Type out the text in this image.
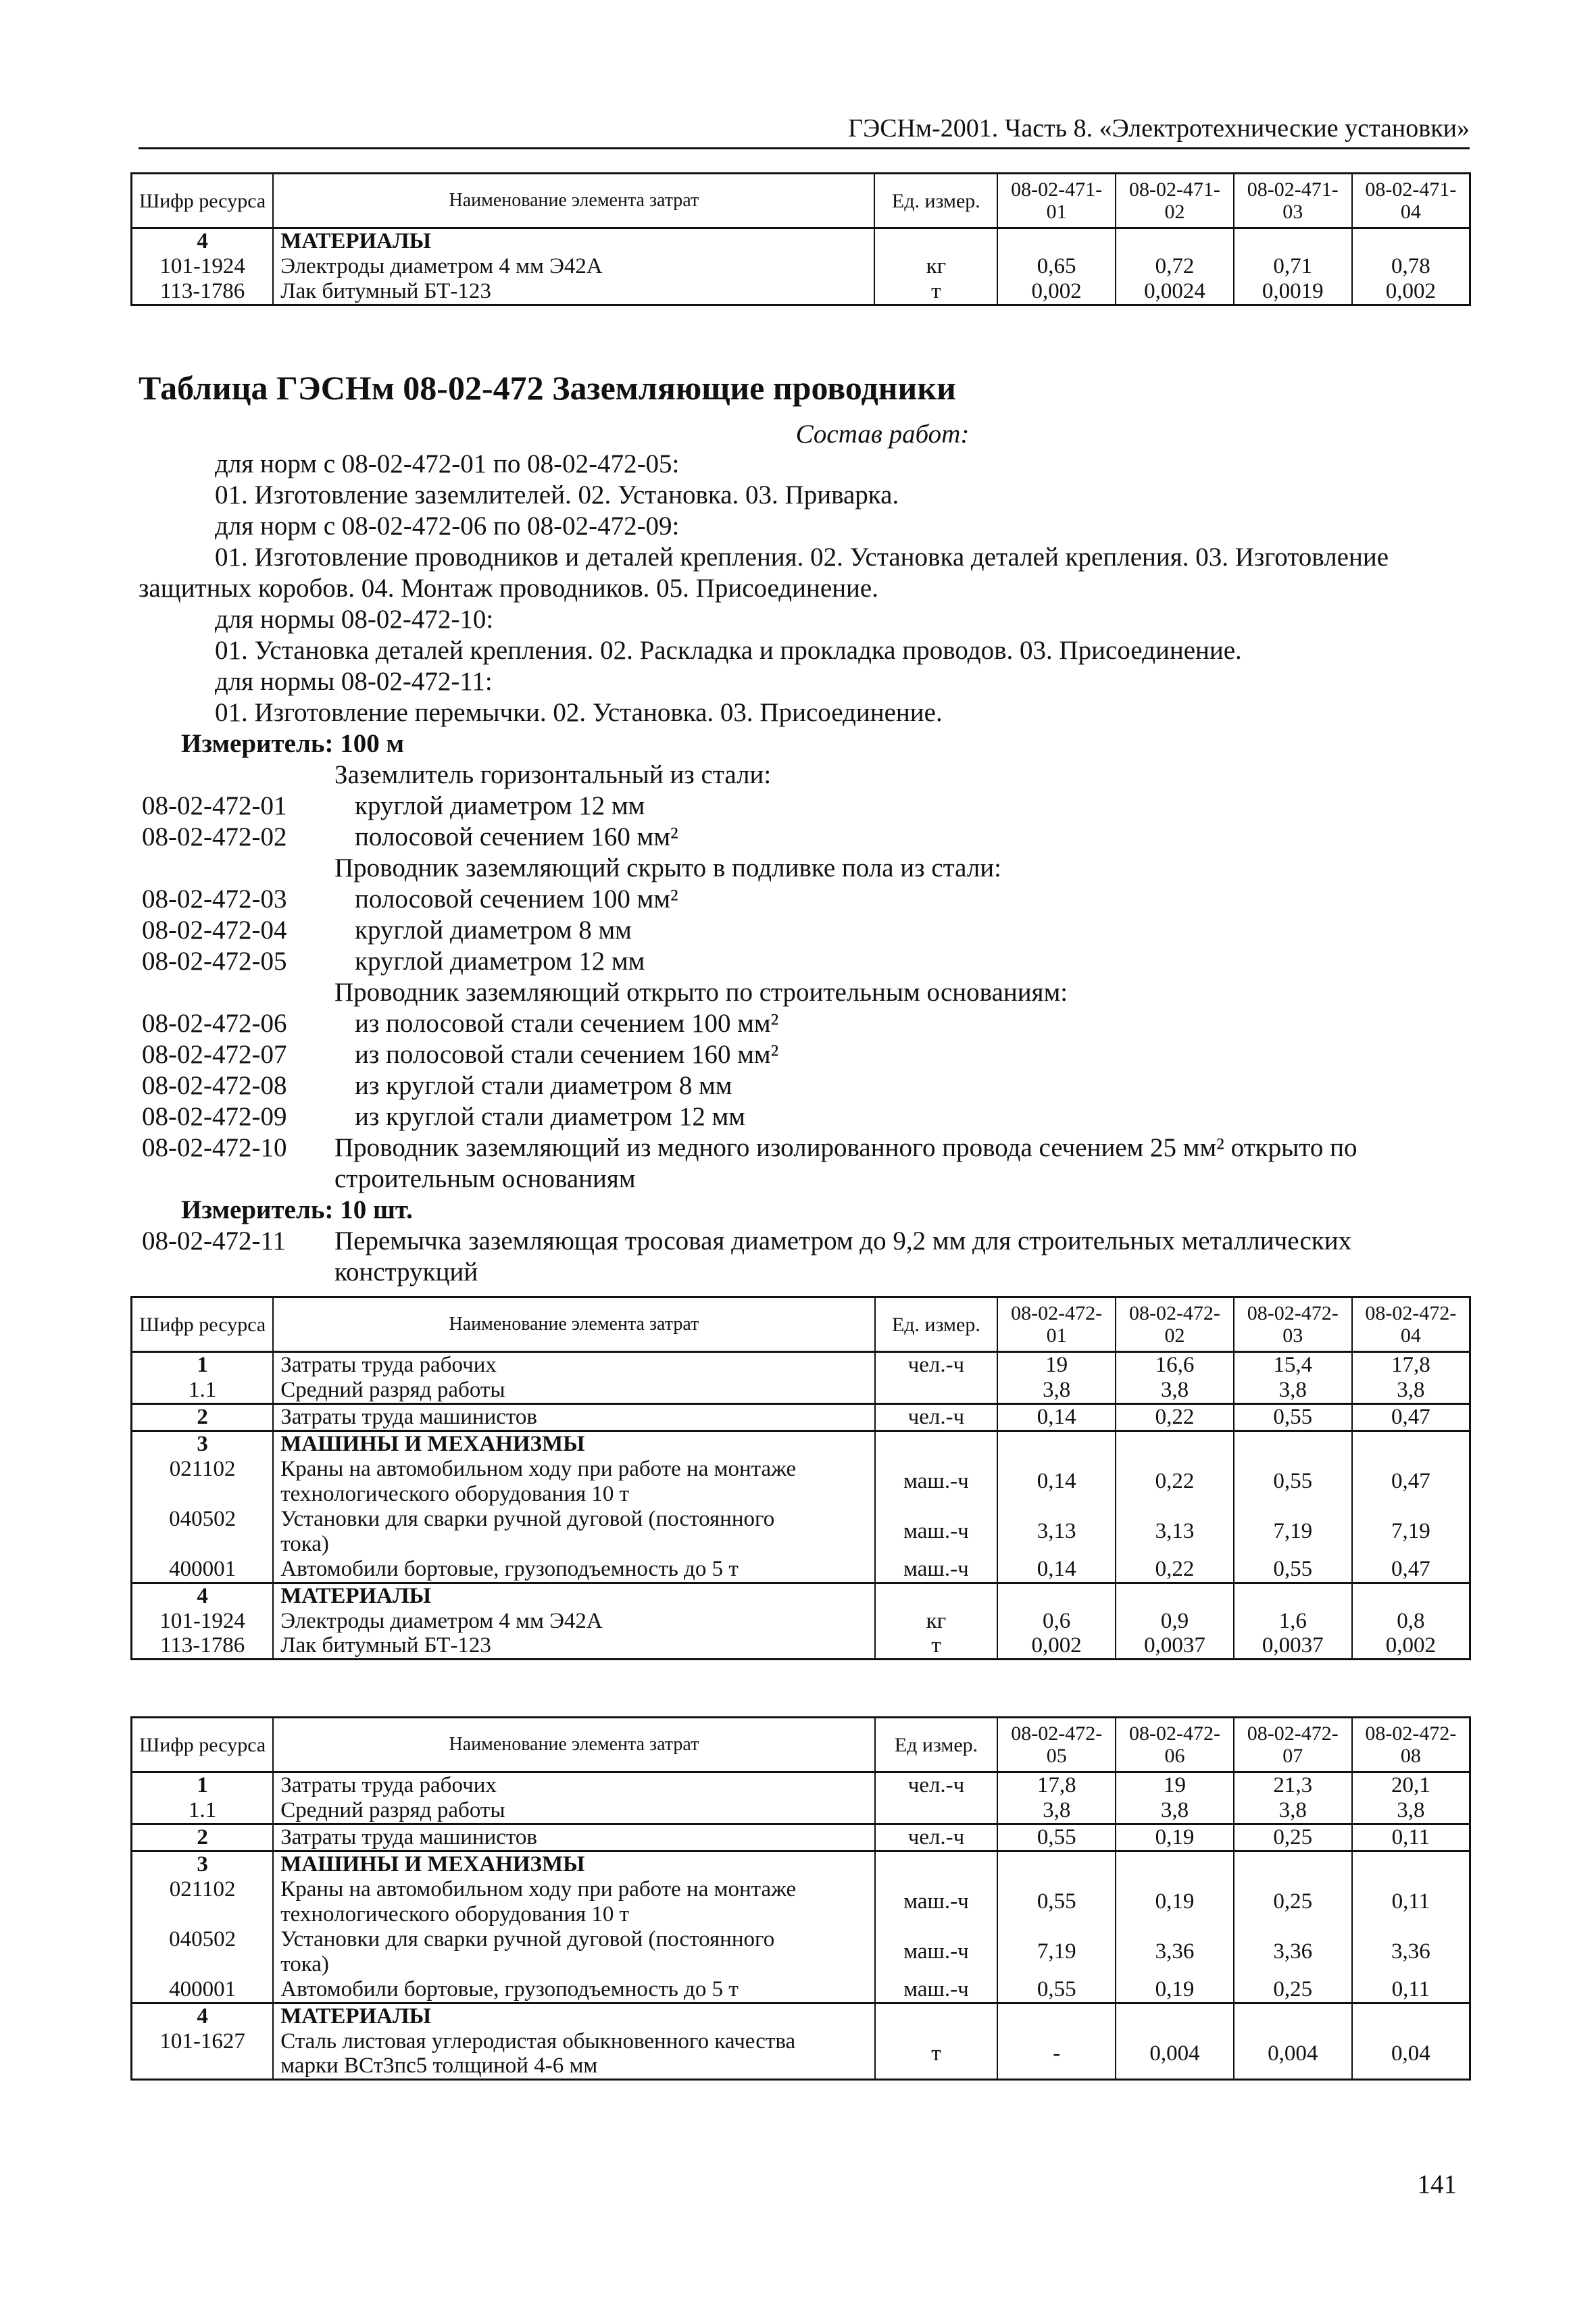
ГЭСНм-2001. Часть 8. «Электротехнические установки»
Шифр ресурса	Наименование элемента затрат	Ед. измер.	08-02-471-01	08-02-471-02	08-02-471-03	08-02-471-04
4	МАТЕРИАЛЫ					
101-1924	Электроды диаметром 4 мм Э42А	кг	0,65	0,72	0,71	0,78
113-1786	Лак битумный БТ-123	т	0,002	0,0024	0,0019	0,002
Таблица ГЭСНм 08-02-472 Заземляющие проводники
Состав работ:
для норм с 08-02-472-01 по 08-02-472-05:
01. Изготовление заземлителей. 02. Установка. 03. Приварка.
для норм с 08-02-472-06 по 08-02-472-09:
01. Изготовление проводников и деталей крепления. 02. Установка деталей крепления. 03. Изготовление
защитных коробов. 04. Монтаж проводников. 05. Присоединение.
для нормы 08-02-472-10:
01. Установка деталей крепления. 02. Раскладка и прокладка проводов. 03. Присоединение.
для нормы 08-02-472-11:
01. Изготовление перемычки. 02. Установка. 03. Присоединение.
Измеритель: 100 м
Заземлитель горизонтальный из стали:
08-02-472-01	круглой диаметром 12 мм
08-02-472-02	полосовой сечением 160 мм²
Проводник заземляющий скрыто в подливке пола из стали:
08-02-472-03	полосовой сечением 100 мм²
08-02-472-04	круглой диаметром 8 мм
08-02-472-05	круглой диаметром 12 мм
Проводник заземляющий открыто по строительным основаниям:
08-02-472-06	из полосовой стали сечением 100 мм²
08-02-472-07	из полосовой стали сечением 160 мм²
08-02-472-08	из круглой стали диаметром 8 мм
08-02-472-09	из круглой стали диаметром 12 мм
08-02-472-10 Проводник заземляющий из медного изолированного провода сечением 25 мм² открыто по
строительным основаниям
Измеритель: 10 шт.
08-02-472-11 Перемычка заземляющая тросовая диаметром до 9,2 мм для строительных металлических
конструкций
Шифр ресурса	Наименование элемента затрат	Ед. измер.	08-02-472-01	08-02-472-02	08-02-472-03	08-02-472-04
1	Затраты труда рабочих	чел.-ч	19	16,6	15,4	17,8
1.1	Средний разряд работы		3,8	3,8	3,8	3,8
2	Затраты труда машинистов	чел.-ч	0,14	0,22	0,55	0,47
3	МАШИНЫ И МЕХАНИЗМЫ					
021102	Краны на автомобильном ходу при работе на монтаже
технологического оборудования 10 т	маш.-ч	0,14	0,22	0,55	0,47
040502	Установки для сварки ручной дуговой (постоянного
тока)	маш.-ч	3,13	3,13	7,19	7,19
400001	Автомобили бортовые, грузоподъемность до 5 т	маш.-ч	0,14	0,22	0,55	0,47
4	МАТЕРИАЛЫ					
101-1924	Электроды диаметром 4 мм Э42А	кг	0,6	0,9	1,6	0,8
113-1786	Лак битумный БТ-123	т	0,002	0,0037	0,0037	0,002
Шифр ресурса	Наименование элемента затрат	Ед измер.	08-02-472-05	08-02-472-06	08-02-472-07	08-02-472-08
1	Затраты труда рабочих	чел.-ч	17,8	19	21,3	20,1
1.1	Средний разряд работы		3,8	3,8	3,8	3,8
2	Затраты труда машинистов	чел.-ч	0,55	0,19	0,25	0,11
3	МАШИНЫ И МЕХАНИЗМЫ					
021102	Краны на автомобильном ходу при работе на монтаже
технологического оборудования 10 т	маш.-ч	0,55	0,19	0,25	0,11
040502	Установки для сварки ручной дуговой (постоянного
тока)	маш.-ч	7,19	3,36	3,36	3,36
400001	Автомобили бортовые, грузоподъемность до 5 т	маш.-ч	0,55	0,19	0,25	0,11
4	МАТЕРИАЛЫ					
101-1627	Сталь листовая углеродистая обыкновенного качества
марки ВСт3пс5 толщиной 4-6 мм	т	-	0,004	0,004	0,04
141
